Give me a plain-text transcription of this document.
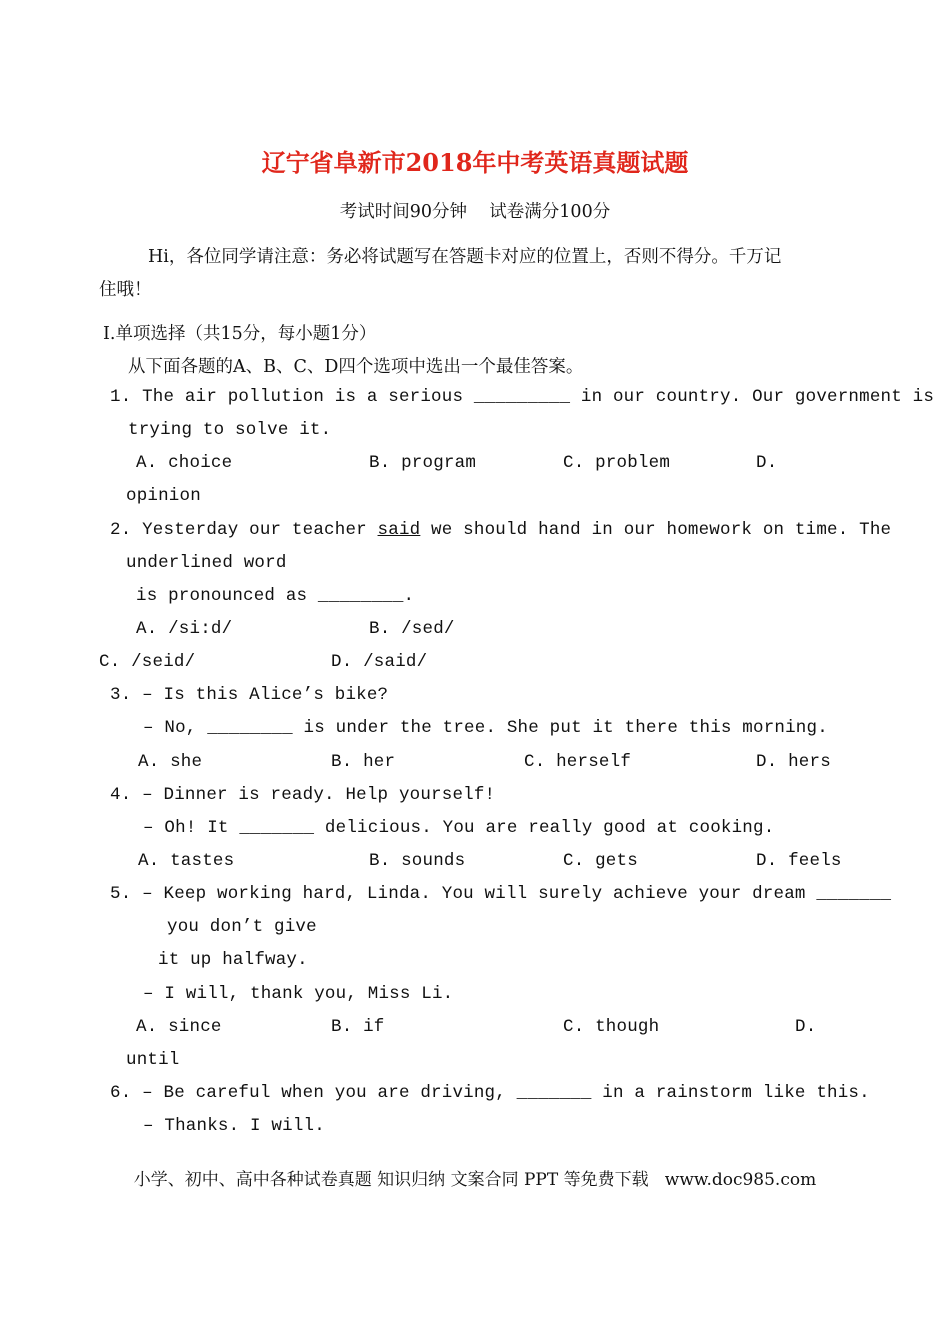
辽宁省阜新市2018年中考英语真题试题
考试时间90分钟    试卷满分100分
Hi，各位同学请注意：务必将试题写在答题卡对应的位置上，否则不得分。千万记
住哦！
Ⅰ.单项选择（共15分，每小题1分）
从下面各题的A、B、C、D四个选项中选出一个最佳答案。
1. The air pollution is a serious _________ in our country. Our government is
trying to solve it.
A. choice	B. program	C. problem	D.
opinion
2. Yesterday our teacher said we should hand in our homework on time. The
underlined word
is pronounced as ________.
A. /si:d/	B. /sed/
C. /seid/	D. /said/
3. – Is this Alice’s bike?
– No, ________ is under the tree. She put it there this morning.
A. she	B. her	C. herself	D. hers
4. – Dinner is ready. Help yourself!
– Oh! It _______ delicious. You are really good at cooking.
A. tastes	B. sounds	C. gets	D. feels
5. – Keep working hard, Linda. You will surely achieve your dream _______
you don’t give
it up halfway.
– I will, thank you, Miss Li.
A. since	B. if	C. though	D.
until
6. – Be careful when you are driving, _______ in a rainstorm like this.
– Thanks. I will.
小学、初中、高中各种试卷真题 知识归纳 文案合同 PPT 等免费下载   www.doc985.com
